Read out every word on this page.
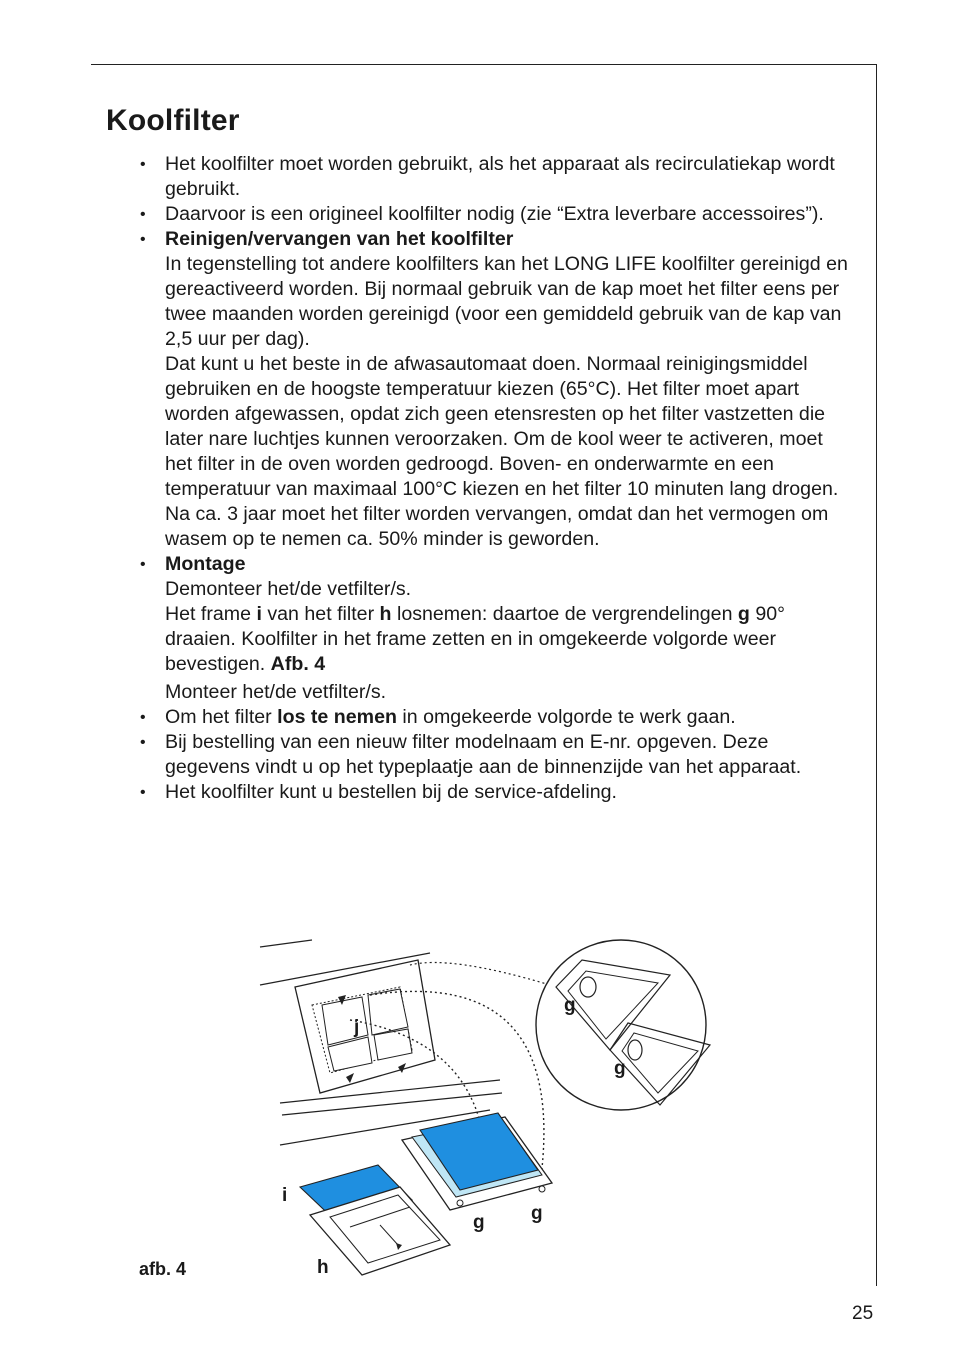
Koolfilter
• Het koolfilter moet worden gebruikt, als het apparaat als recirculatiekap wordt gebruikt.
• Daarvoor is een origineel koolfilter nodig (zie “Extra leverbare accessoires”).

• Reinigen/vervangen van het koolfilter

In tegenstelling tot andere koolfilters kan het LONG LIFE koolfilter gereinigd en gereactiveerd worden. Bij normaal gebruik van de kap moet het filter eens per twee maanden worden gereinigd (voor een gemiddeld gebruik van de kap van 2,5 uur per dag).

Dat kunt u het beste in de afwasautomaat doen. Normaal reinigingsmiddel gebruiken en de hoogste temperatuur kiezen (65°C). Het filter moet apart worden afgewassen, opdat zich geen etensresten op het filter vastzetten die later nare luchtjes kunnen veroorzaken. Om de kool weer te activeren, moet het filter in de oven worden gedroogd. Boven- en onderwarmte en een temperatuur van maximaal 100°C kiezen en het filter 10 minuten lang drogen.

Na ca. 3 jaar moet het filter worden vervangen, omdat dan het vermogen om wasem op te nemen ca. 50% minder is geworden.

• Montage

Demonteer het/de vetfilter/s.

Het frame i van het filter h losnemen: daartoe de vergrendelingen g 90° draaien. Koolfilter in het frame zetten en in omgekeerde volgorde weer bevestigen. Afb. 4

Monteer het/de vetfilter/s.

• Om het filter los te nemen in omgekeerde volgorde te werk gaan.
• Bij bestelling van een nieuw filter modelnaam en E-nr. opgeven. Deze gegevens vindt u op het typeplaatje aan de binnenzijde van het apparaat.
• Het koolfilter kunt u bestellen bij de service-afdeling.
j
g
g
i
g g
h
afb. 4
25
